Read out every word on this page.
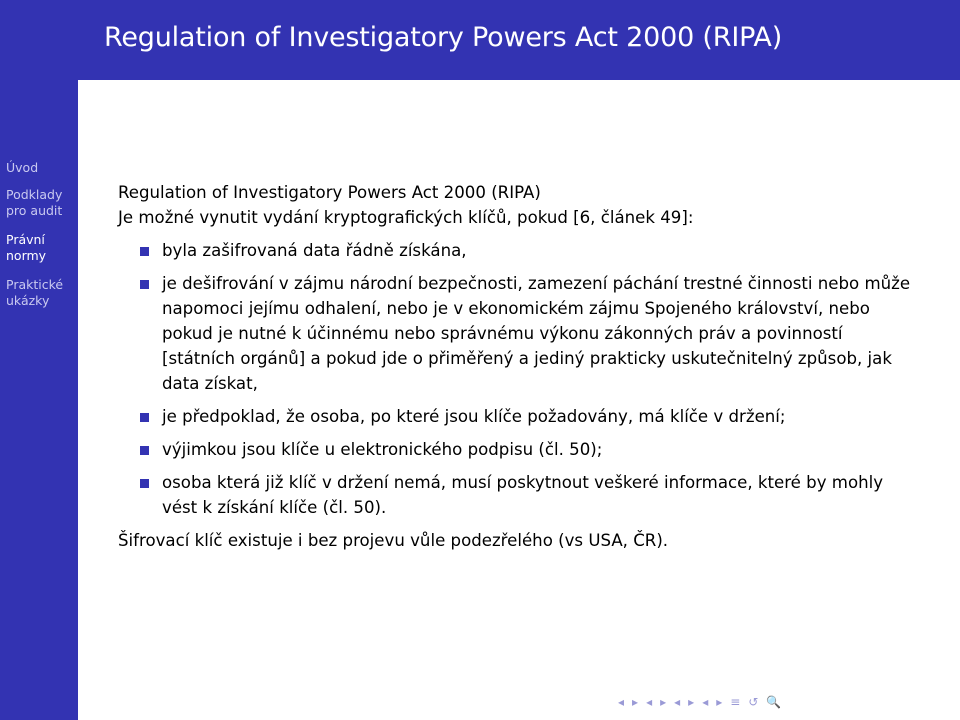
Regulation of Investigatory Powers Act 2000 (RIPA)
Úvod
Podklady
pro audit
Právní
normy
Praktické
ukázky
Regulation of Investigatory Powers Act 2000 (RIPA)
Je možné vynutit vydání kryptografických klíčů, pokud [6, článek 49]:
byla zašifrovaná data řádně získána,
je dešifrování v zájmu národní bezpečnosti, zamezení páchání trestné činnosti nebo může napomoci jejímu odhalení, nebo je v ekonomickém zájmu Spojeného království, nebo pokud je nutné k účinnému nebo správnému výkonu zákonných práv a povinností [státních orgánů] a pokud jde o přiměřený a jediný prakticky uskutečnitelný způsob, jak data získat,
je předpoklad, že osoba, po které jsou klíče požadovány, má klíče v držení;
výjimkou jsou klíče u elektronického podpisu (čl. 50);
osoba která již klíč v držení nemá, musí poskytnout veškeré informace, které by mohly vést k získání klíče (čl. 50).
Šifrovací klíč existuje i bez projevu vůle podezřelého (vs USA, ČR).
◂ ▸ ◂ ▸ ◂ ▸ ◂ ▸ ≡ ↺ 🔍
